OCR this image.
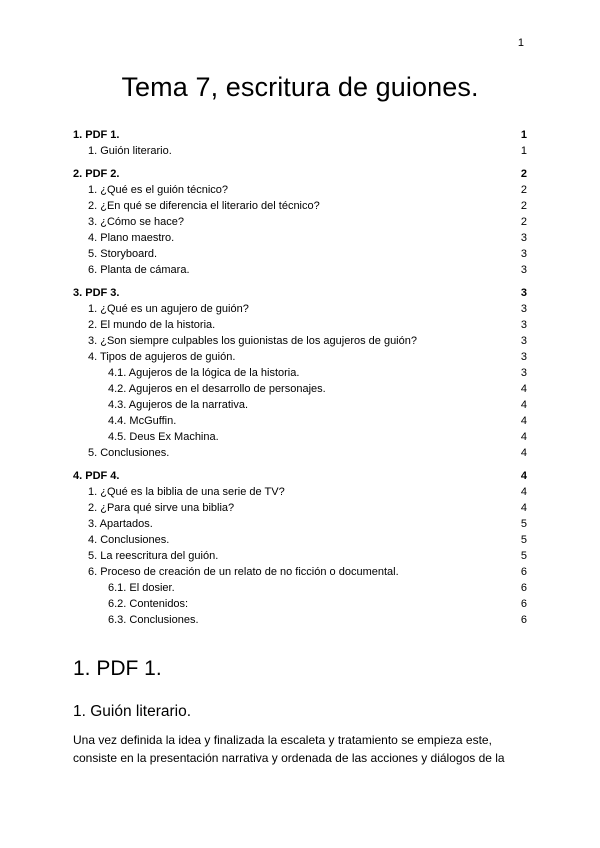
1
Tema 7, escritura de guiones.
1. PDF 1.	1
1. Guión literario.	1
2. PDF 2.	2
1. ¿Qué es el guión técnico?	2
2. ¿En qué se diferencia el literario del técnico?	2
3. ¿Cómo se hace?	2
4. Plano maestro.	3
5. Storyboard.	3
6. Planta de cámara.	3
3. PDF 3.	3
1. ¿Qué es un agujero de guión?	3
2. El mundo de la historia.	3
3. ¿Son siempre culpables los guionistas de los agujeros de guión?	3
4. Tipos de agujeros de guión.	3
4.1. Agujeros de la lógica de la historia.	3
4.2. Agujeros en el desarrollo de personajes.	4
4.3. Agujeros de la narrativa.	4
4.4. McGuffin.	4
4.5. Deus Ex Machina.	4
5. Conclusiones.	4
4. PDF 4.	4
1. ¿Qué es la biblia de una serie de TV?	4
2. ¿Para qué sirve una biblia?	4
3. Apartados.	5
4. Conclusiones.	5
5. La reescritura del guión.	5
6. Proceso de creación de un relato de no ficción o documental.	6
6.1. El dosier.	6
6.2. Contenidos:	6
6.3. Conclusiones.	6
1. PDF 1.
1. Guión literario.

Una vez definida la idea y finalizada la escaleta y tratamiento se empieza este,
consiste en la presentación narrativa y ordenada de las acciones y diálogos de la
